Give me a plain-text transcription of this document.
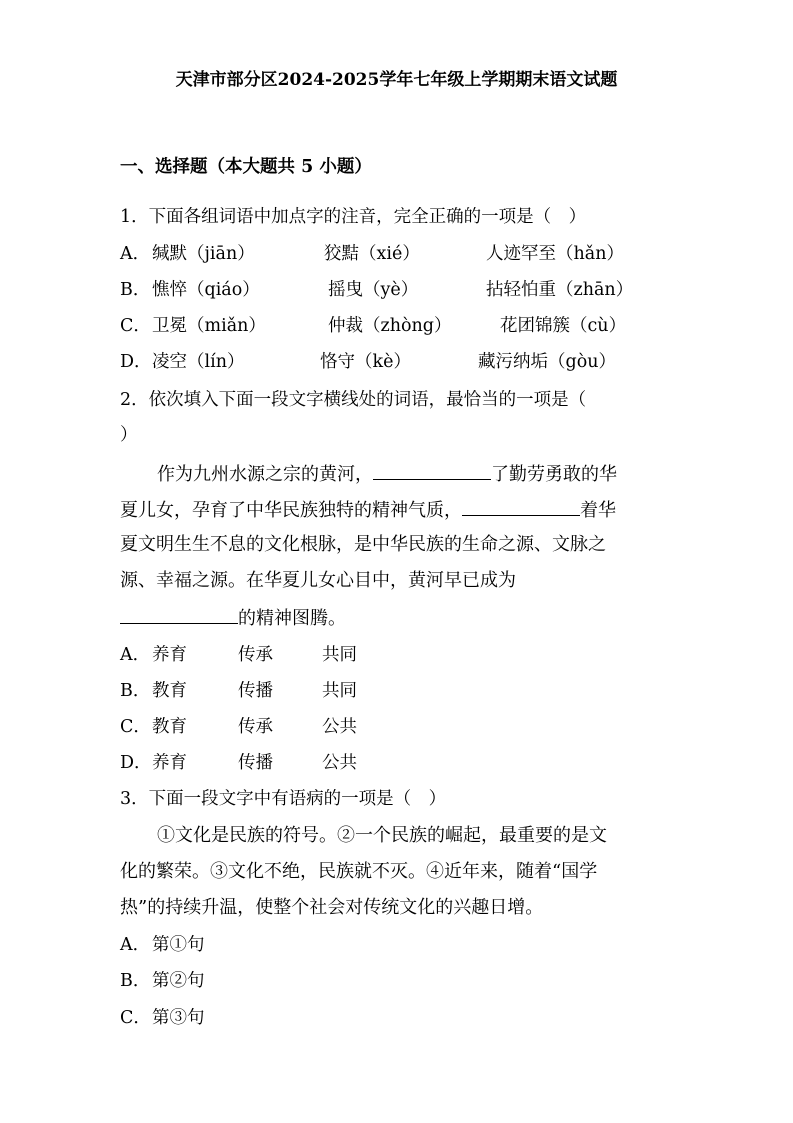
天津市部分区2024-2025学年七年级上学期期末语文试题
一、选择题（本大题共 5 小题）
1．下面各组词语中加点字的注音，完全正确的一项是（　）
A． 缄默（jiān）	狡黠（xié）	人迹罕至（hǎn）
B． 憔悴（qiáo）	摇曳（yè）	拈轻怕重（zhān）
C． 卫冕（miǎn）	仲裁（zhòng）	花团锦簇（cù）
D． 凌空（lín）	恪守（kè）	藏污纳垢（gòu）
2．依次填入下面一段文字横线处的词语，最恰当的一项是（
）
作为九州水源之宗的黄河，	了勤劳勇敢的华
夏儿女，孕育了中华民族独特的精神气质，	着华
夏文明生生不息的文化根脉，是中华民族的生命之源、文脉之
源、幸福之源。在华夏儿女心目中，黄河早已成为
的精神图腾。
A． 养育	传承	共同
B． 教育	传播	共同
C． 教育	传承	公共
D． 养育	传播	公共
3．下面一段文字中有语病的一项是（　）
①文化是民族的符号。②一个民族的崛起，最重要的是文
化的繁荣。③文化不绝，民族就不灭。④近年来，随着“国学
热”的持续升温，使整个社会对传统文化的兴趣日增。
A． 第①句
B． 第②句
C． 第③句
